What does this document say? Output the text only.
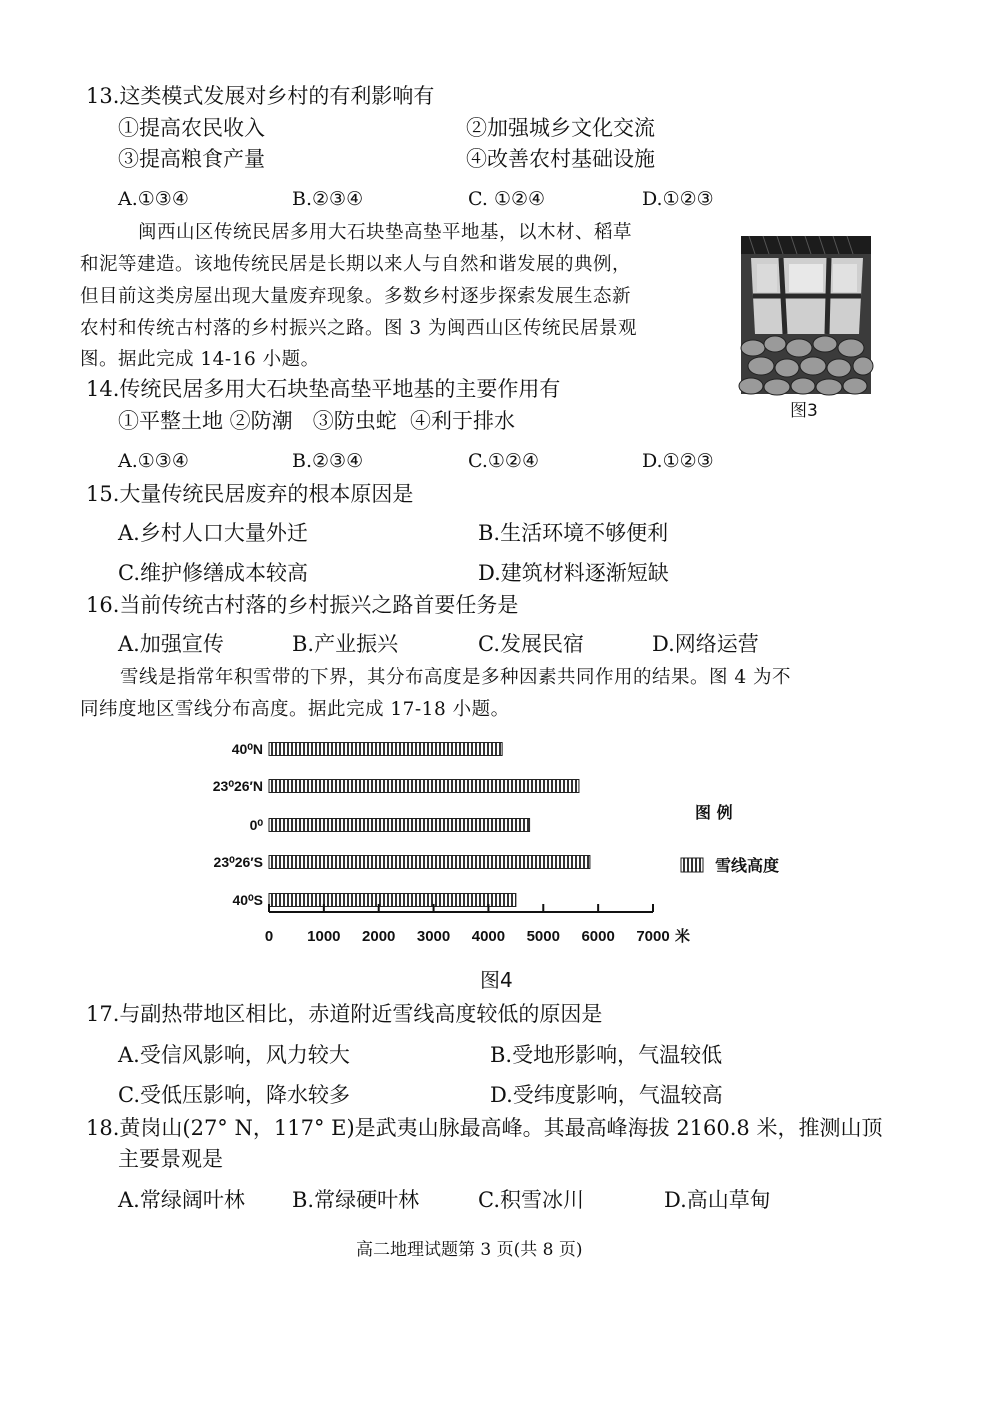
13.这类模式发展对乡村的有利影响有
①提高农民收入	②加强城乡文化交流
③提高粮食产量	④改善农村基础设施
A.①③④	B.②③④	C. ①②④	D.①②③
闽西山区传统民居多用大石块垫高垫平地基，以木材、稻草
和泥等建造。该地传统民居是长期以来人与自然和谐发展的典例，
但目前这类房屋出现大量废弃现象。多数乡村逐步探索发展生态新
农村和传统古村落的乡村振兴之路。图 3 为闽西山区传统民居景观
图。据此完成 14-16 小题。
图3
14.传统民居多用大石块垫高垫平地基的主要作用有
①平整土地 ②防潮   ③防虫蛇  ④利于排水
A.①③④	B.②③④	C.①②④	D.①②③
15.大量传统民居废弃的根本原因是
A.乡村人口大量外迁	B.生活环境不够便利
C.维护修缮成本较高	D.建筑材料逐渐短缺
16.当前传统古村落的乡村振兴之路首要任务是
A.加强宣传	B.产业振兴	C.发展民宿	D.网络运营
雪线是指常年积雪带的下界，其分布高度是多种因素共同作用的结果。图 4 为不
同纬度地区雪线分布高度。据此完成 17-18 小题。
40⁰N
23⁰26′N
0⁰
23⁰26′S
40⁰S
0 1000 2000 3000 4000 5000 6000 7000 米
图 例
雪线高度
图4
17.与副热带地区相比，赤道附近雪线高度较低的原因是
A.受信风影响，风力较大	B.受地形影响，气温较低
C.受低压影响，降水较多	D.受纬度影响，气温较高
18.黄岗山(27° N，117° E)是武夷山脉最高峰。其最高峰海拔 2160.8 米，推测山顶
主要景观是
A.常绿阔叶林 B.常绿硬叶林	C.积雪冰川	D.高山草甸
高二地理试题第 3 页(共 8 页)
